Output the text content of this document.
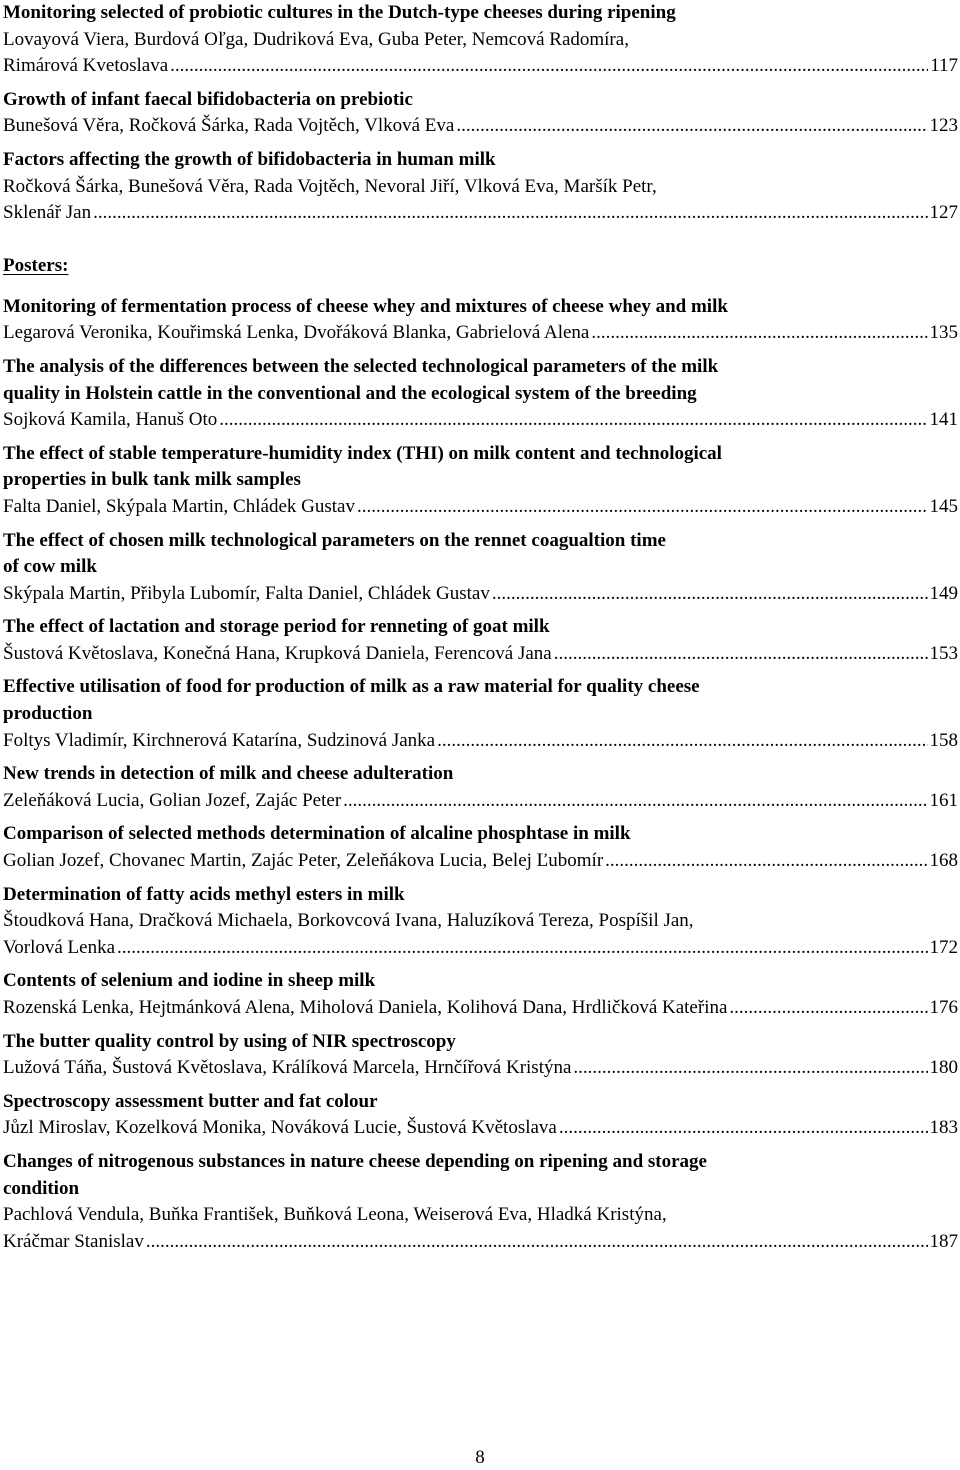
Monitoring selected of probiotic cultures in the Dutch-type cheeses during ripening
Lovayová Viera, Burdová Oľga, Dudriková Eva, Guba Peter, Nemcová Radomíra,
Rimárová Kvetoslava .....	117
Growth of infant faecal bifidobacteria on prebiotic
Bunešová Věra, Ročková Šárka, Rada Vojtěch, Vlková Eva .....	123
Factors affecting the growth of bifidobacteria in human milk
Ročková Šárka, Bunešová Věra, Rada Vojtěch, Nevoral Jiří, Vlková Eva, Maršík Petr,
Sklenář Jan .....	127
Posters:
Monitoring of fermentation process of cheese whey and mixtures of cheese whey and milk
Legarová Veronika, Kouřimská Lenka, Dvořáková Blanka, Gabrielová Alena .....	135
The analysis of the differences between the selected technological parameters of the milk
quality in Holstein cattle in the conventional and the ecological system of the breeding
Sojková Kamila, Hanuš Oto .....	141
The effect of stable temperature-humidity index (THI) on milk content and technological
properties in bulk tank milk samples
Falta Daniel, Skýpala Martin, Chládek Gustav .....	145
The effect of chosen milk technological parameters on the rennet coagualtion time
of cow milk
Skýpala Martin, Přibyla Lubomír, Falta Daniel, Chládek Gustav .....	149
The effect of lactation and storage period for renneting of goat milk
Šustová Květoslava, Konečná Hana, Krupková Daniela, Ferencová Jana .....	153
Effective utilisation of food for production of milk as a raw material for quality cheese
production
Foltys Vladimír, Kirchnerová Katarína, Sudzinová Janka .....	158
New trends in detection of milk and cheese adulteration
Zeleňáková Lucia, Golian Jozef, Zajác Peter .....	161
Comparison of selected methods determination of alcaline phosphtase in milk
Golian Jozef, Chovanec Martin, Zajác Peter, Zeleňákova Lucia, Belej Ľubomír .....	168
Determination of fatty acids methyl esters in milk
Štoudková Hana, Dračková Michaela, Borkovcová Ivana, Haluzíková Tereza, Pospíšil Jan,
Vorlová Lenka .....	172
Contents of selenium and iodine in sheep milk
Rozenská Lenka, Hejtmánková Alena, Miholová Daniela, Kolihová Dana, Hrdličková Kateřina .....	176
The butter quality control by using of NIR spectroscopy
Lužová Táňa, Šustová Květoslava, Králíková Marcela, Hrnčířová Kristýna .....	180
Spectroscopy assessment butter and fat colour
Jůzl Miroslav, Kozelková Monika, Nováková Lucie, Šustová Květoslava .....	183
Changes of nitrogenous substances in nature cheese depending on ripening and storage
condition
Pachlová Vendula, Buňka František, Buňková Leona, Weiserová Eva, Hladká Kristýna,
Kráčmar Stanislav .....	187
8
